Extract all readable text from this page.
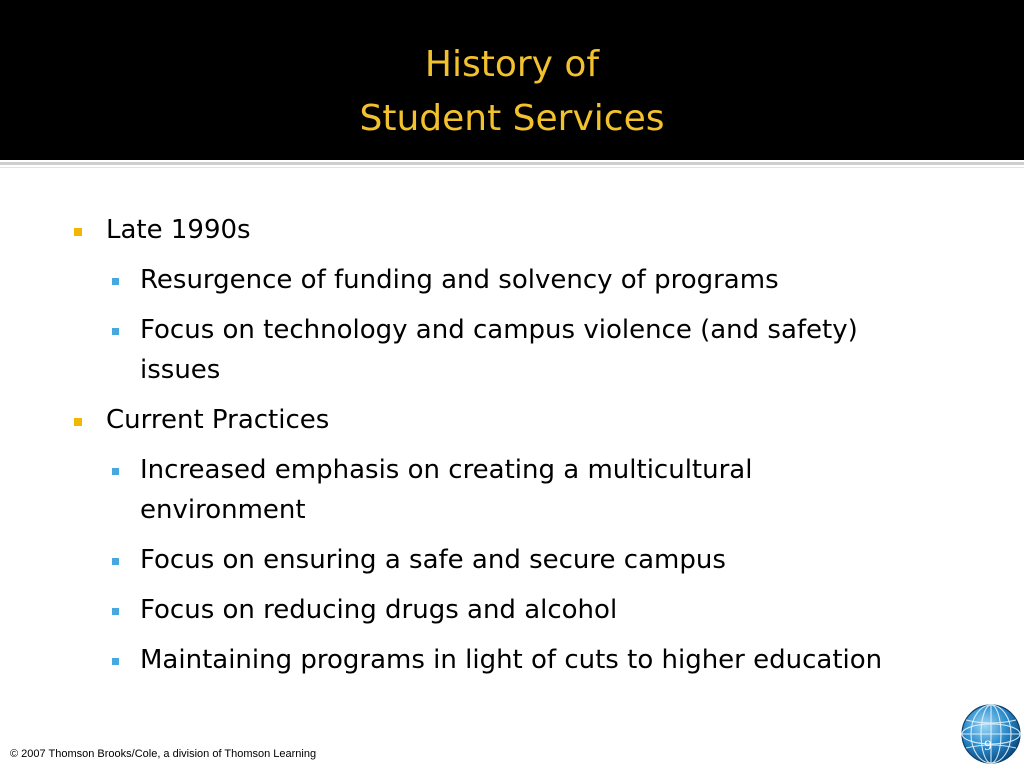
History of
Student Services
Late 1990s
Resurgence of funding and solvency of programs
Focus on technology and campus violence (and safety)
issues
Current Practices
Increased emphasis on creating a multicultural
environment
Focus on ensuring a safe and secure campus
Focus on reducing drugs and alcohol
Maintaining programs in light of cuts to higher education
© 2007 Thomson Brooks/Cole, a division of Thomson Learning	9
